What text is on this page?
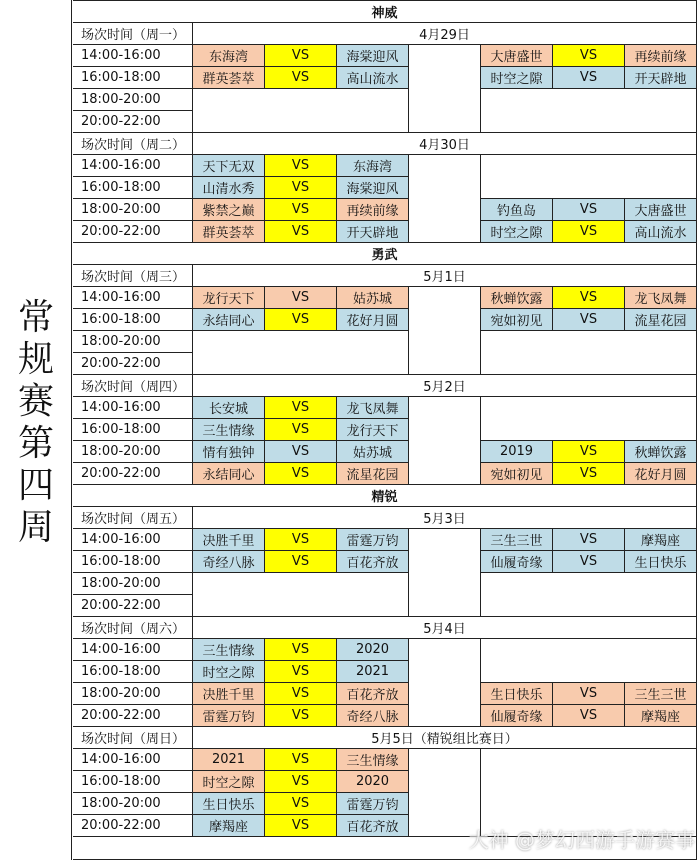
常
规
赛
第
四
周
神威
场次时间（周一）	4月29日
14:00-16:00	东海湾	VS	海棠迎风	大唐盛世	VS	再续前缘
16:00-18:00	群英荟萃	VS	高山流水	时空之隙	VS	开天辟地
18:00-20:00
20:00-22:00
场次时间（周二）	4月30日
14:00-16:00	天下无双	VS	东海湾
16:00-18:00	山清水秀	VS	海棠迎风
18:00-20:00	紫禁之巅	VS	再续前缘	钓鱼岛	VS	大唐盛世
20:00-22:00	群英荟萃	VS	开天辟地	时空之隙	VS	高山流水
勇武
场次时间（周三）	5月1日
14:00-16:00	龙行天下	VS	姑苏城	秋蝉饮露	VS	龙飞凤舞
16:00-18:00	永结同心	VS	花好月圆	宛如初见	VS	流星花园
18:00-20:00
20:00-22:00
场次时间（周四）	5月2日
14:00-16:00	长安城	VS	龙飞凤舞
16:00-18:00	三生情缘	VS	龙行天下
18:00-20:00	情有独钟	VS	姑苏城	2019	VS	秋蝉饮露
20:00-22:00	永结同心	VS	流星花园	宛如初见	VS	花好月圆
精锐
场次时间（周五）	5月3日
14:00-16:00	决胜千里	VS	雷霆万钧	三生三世	VS	摩羯座
16:00-18:00	奇经八脉	VS	百花齐放	仙履奇缘	VS	生日快乐
18:00-20:00
20:00-22:00
场次时间（周六）	5月4日
14:00-16:00	三生情缘	VS	2020
16:00-18:00	时空之隙	VS	2021
18:00-20:00	决胜千里	VS	百花齐放	生日快乐	VS	三生三世
20:00-22:00	雷霆万钧	VS	奇经八脉	仙履奇缘	VS	摩羯座
场次时间（周日）	5月5日（精锐组比赛日）
14:00-16:00	2021	VS	三生情缘
16:00-18:00	时空之隙	VS	2020
18:00-20:00	生日快乐	VS	雷霆万钧
20:00-22:00	摩羯座	VS	百花齐放	大神 @梦幻西游手游赛事
